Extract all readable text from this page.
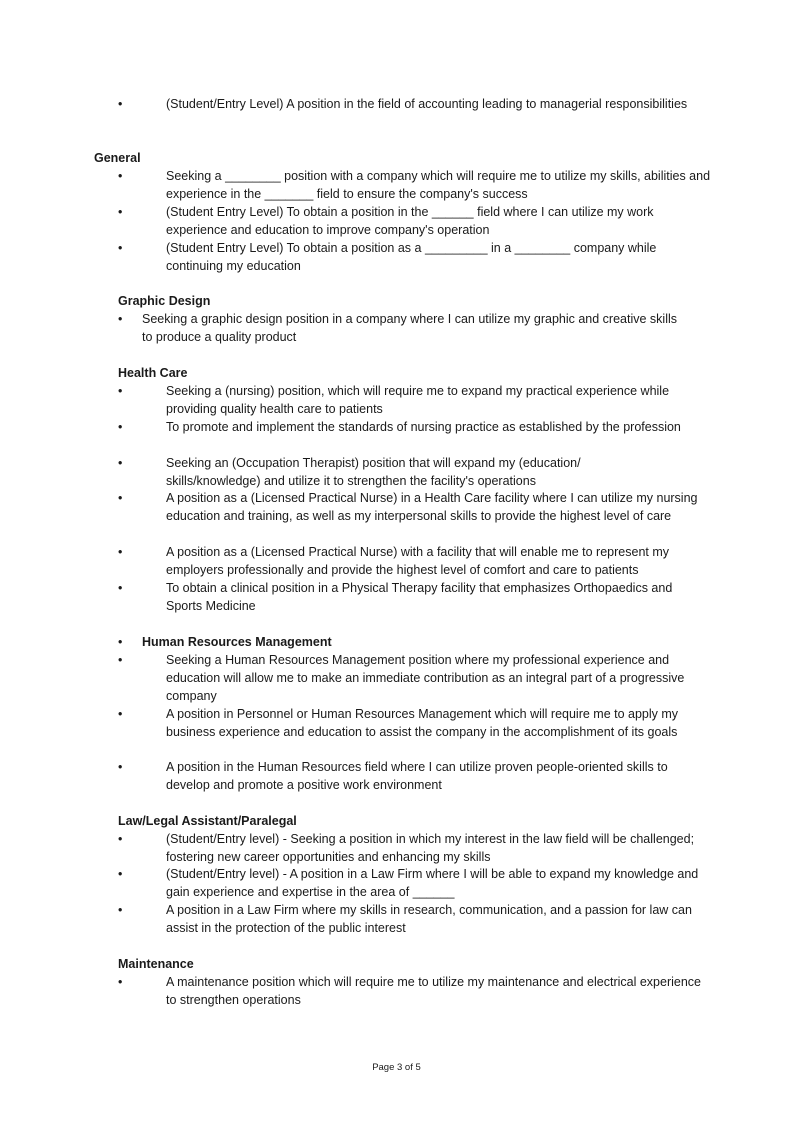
•	(Student/Entry Level) A position in the field of accounting leading to managerial responsibilities
General
•	Seeking a ________ position with a company which will require me to utilize my skills, abilities and experience in the _______ field to ensure the company's success
•	(Student Entry Level) To obtain a position in the ______ field where I can utilize my work experience and education to improve company's operation
•	(Student Entry Level) To obtain a position as a _________ in a ________ company while continuing my education
Graphic Design
• Seeking a graphic design position in a company where I can utilize my graphic and creative skills to produce a quality product
Health Care
•	Seeking a (nursing) position, which will require me to expand my practical experience while providing quality health care to patients
•	To promote and implement the standards of nursing practice as established by the profession
•	Seeking an (Occupation Therapist) position that will expand my (education/ skills/knowledge) and utilize it to strengthen the facility's operations
•	A position as a (Licensed Practical Nurse) in a Health Care facility where I can utilize my nursing education and training, as well as my interpersonal skills to provide the highest level of care
•	A position as a (Licensed Practical Nurse) with a facility that will enable me to represent my employers professionally and provide the highest level of comfort and care to patients
•	To obtain a clinical position in a Physical Therapy facility that emphasizes Orthopaedics and Sports Medicine
• Human Resources Management
•	Seeking a Human Resources Management position where my professional experience and education will allow me to make an immediate contribution as an integral part of a progressive company
•	A position in Personnel or Human Resources Management which will require me to apply my business experience and education to assist the company in the accomplishment of its goals
•	A position in the Human Resources field where I can utilize proven people-oriented skills to develop and promote a positive work environment
Law/Legal Assistant/Paralegal
•	(Student/Entry level) - Seeking a position in which my interest in the law field will be challenged; fostering new career opportunities and enhancing my skills
•	(Student/Entry level) - A position in a Law Firm where I will be able to expand my knowledge and gain experience and expertise in the area of ______
•	A position in a Law Firm where my skills in research, communication, and a passion for law can assist in the protection of the public interest
Maintenance
•	A maintenance position which will require me to utilize my maintenance and electrical experience to strengthen operations
Page 3 of 5
